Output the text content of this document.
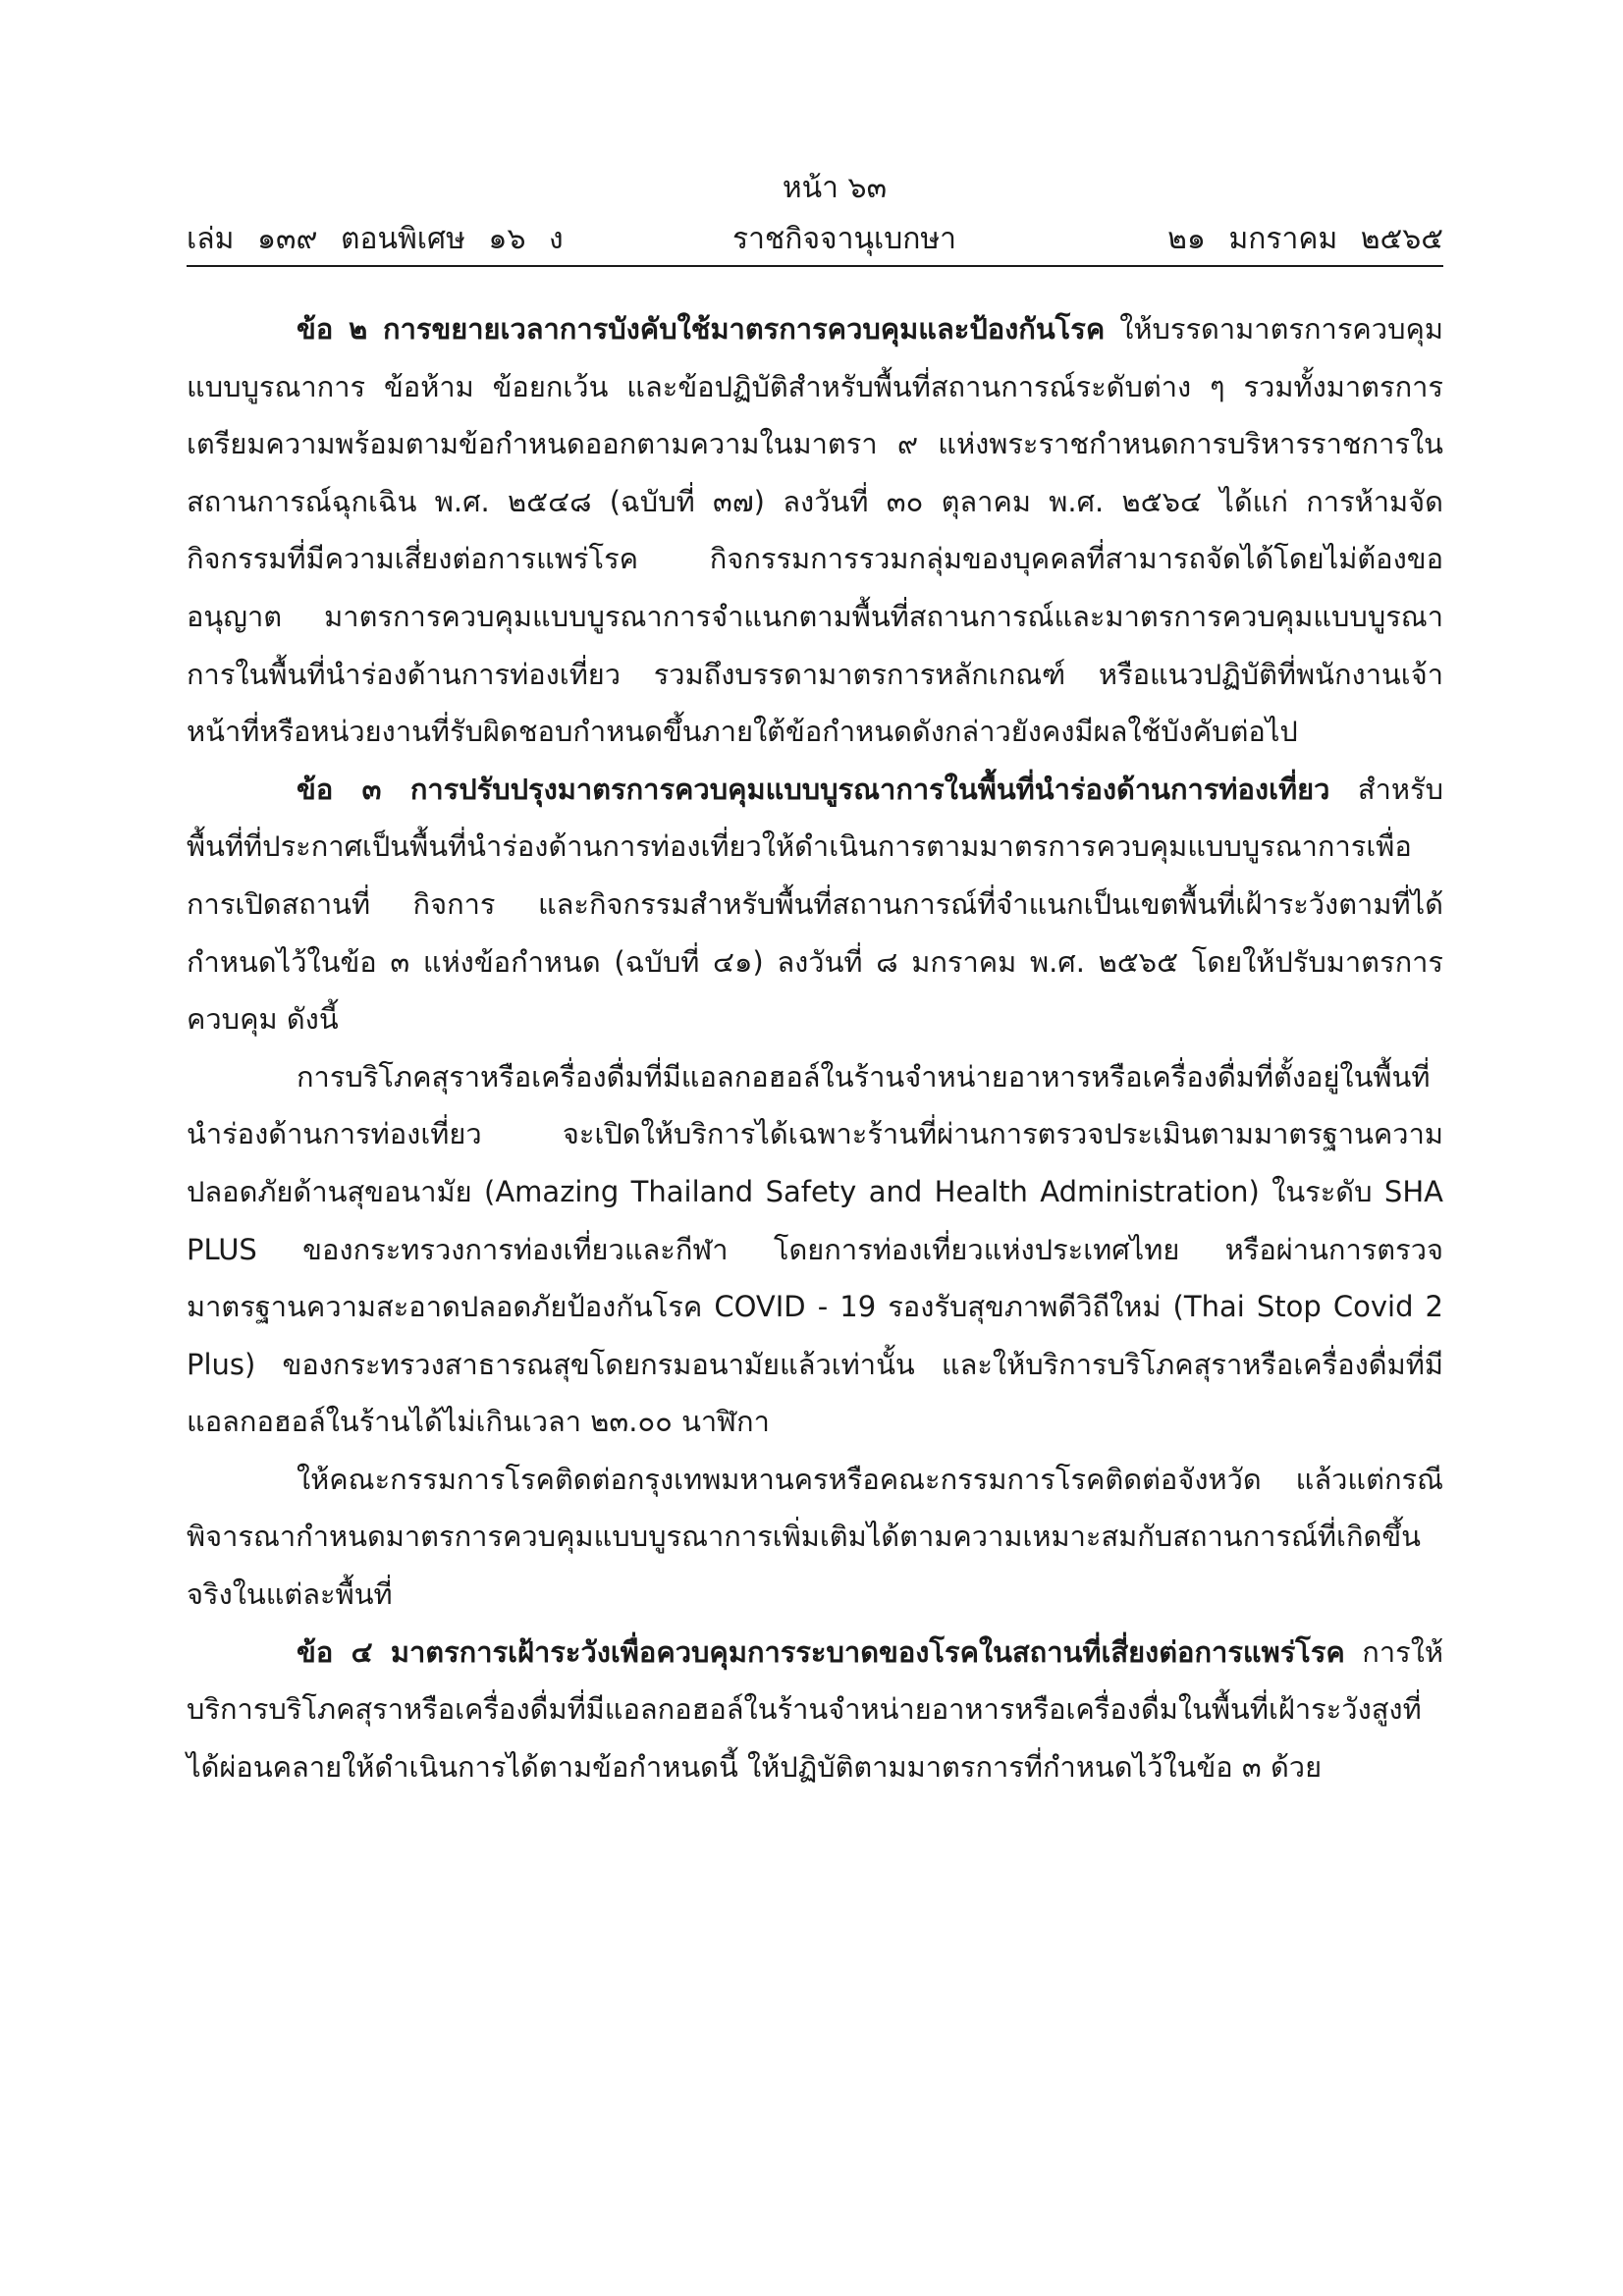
หน้า ๖๓
เล่ม ๑๓๙ ตอนพิเศษ ๑๖ ง	ราชกิจจานุเบกษา	๒๑ มกราคม ๒๕๖๕

ข้อ ๒ การขยายเวลาการบังคับใช้มาตรการควบคุมและป้องกันโรค ให้บรรดามาตรการควบคุมแบบบูรณาการ ข้อห้าม ข้อยกเว้น และข้อปฏิบัติสำหรับพื้นที่สถานการณ์ระดับต่าง ๆ รวมทั้งมาตรการเตรียมความพร้อมตามข้อกำหนดออกตามความในมาตรา ๙ แห่งพระราชกำหนดการบริหารราชการในสถานการณ์ฉุกเฉิน พ.ศ. ๒๕๔๘ (ฉบับที่ ๓๗) ลงวันที่ ๓๐ ตุลาคม พ.ศ. ๒๕๖๔ ได้แก่ การห้ามจัดกิจกรรมที่มีความเสี่ยงต่อการแพร่โรค กิจกรรมการรวมกลุ่มของบุคคลที่สามารถจัดได้โดยไม่ต้องขออนุญาต มาตรการควบคุมแบบบูรณาการจำแนกตามพื้นที่สถานการณ์และมาตรการควบคุมแบบบูรณาการในพื้นที่นำร่องด้านการท่องเที่ยว รวมถึงบรรดามาตรการหลักเกณฑ์ หรือแนวปฏิบัติที่พนักงานเจ้าหน้าที่หรือหน่วยงานที่รับผิดชอบกำหนดขึ้นภายใต้ข้อกำหนดดังกล่าวยังคงมีผลใช้บังคับต่อไป

ข้อ ๓ การปรับปรุงมาตรการควบคุมแบบบูรณาการในพื้นที่นำร่องด้านการท่องเที่ยว สำหรับพื้นที่ที่ประกาศเป็นพื้นที่นำร่องด้านการท่องเที่ยวให้ดำเนินการตามมาตรการควบคุมแบบบูรณาการเพื่อการเปิดสถานที่ กิจการ และกิจกรรมสำหรับพื้นที่สถานการณ์ที่จำแนกเป็นเขตพื้นที่เฝ้าระวังตามที่ได้กำหนดไว้ในข้อ ๓ แห่งข้อกำหนด (ฉบับที่ ๔๑) ลงวันที่ ๘ มกราคม พ.ศ. ๒๕๖๕ โดยให้ปรับมาตรการควบคุม ดังนี้

การบริโภคสุราหรือเครื่องดื่มที่มีแอลกอฮอล์ในร้านจำหน่ายอาหารหรือเครื่องดื่มที่ตั้งอยู่ในพื้นที่นำร่องด้านการท่องเที่ยว จะเปิดให้บริการได้เฉพาะร้านที่ผ่านการตรวจประเมินตามมาตรฐานความปลอดภัยด้านสุขอนามัย (Amazing Thailand Safety and Health Administration) ในระดับ SHA PLUS ของกระทรวงการท่องเที่ยวและกีฬา โดยการท่องเที่ยวแห่งประเทศไทย หรือผ่านการตรวจมาตรฐานความสะอาดปลอดภัยป้องกันโรค COVID - 19 รองรับสุขภาพดีวิถีใหม่ (Thai Stop Covid 2 Plus) ของกระทรวงสาธารณสุขโดยกรมอนามัยแล้วเท่านั้น และให้บริการบริโภคสุราหรือเครื่องดื่มที่มีแอลกอฮอล์ในร้านได้ไม่เกินเวลา ๒๓.๐๐ นาฬิกา

ให้คณะกรรมการโรคติดต่อกรุงเทพมหานครหรือคณะกรรมการโรคติดต่อจังหวัด แล้วแต่กรณีพิจารณากำหนดมาตรการควบคุมแบบบูรณาการเพิ่มเติมได้ตามความเหมาะสมกับสถานการณ์ที่เกิดขึ้นจริงในแต่ละพื้นที่

ข้อ ๔ มาตรการเฝ้าระวังเพื่อควบคุมการระบาดของโรคในสถานที่เสี่ยงต่อการแพร่โรค การให้บริการบริโภคสุราหรือเครื่องดื่มที่มีแอลกอฮอล์ในร้านจำหน่ายอาหารหรือเครื่องดื่มในพื้นที่เฝ้าระวังสูงที่ได้ผ่อนคลายให้ดำเนินการได้ตามข้อกำหนดนี้ ให้ปฏิบัติตามมาตรการที่กำหนดไว้ในข้อ ๓ ด้วย
